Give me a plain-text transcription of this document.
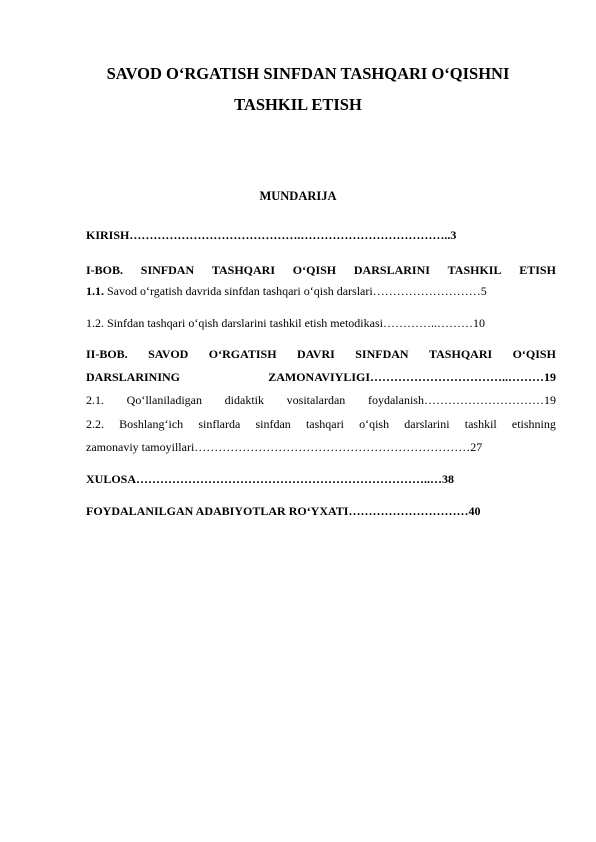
SAVOD O‘RGATISH SINFDAN TASHQARI O‘QISHNI
TASHKIL ETISH
MUNDARIJA
KIRISH…………………………………….………………………………..3
I-BOB. SINFDAN TASHQARI O‘QISH DARSLARINI TASHKIL ETISH
1.1. Savod o‘rgatish davrida sinfdan tashqari o‘qish darslari………………………5
1.2. Sinfdan tashqari o‘qish darslarini tashkil etish metodikasi…………..………10
II-BOB. SAVOD O‘RGATISH DAVRI SINFDAN TASHQARI O‘QISH
DARSLARINING	ZAMONAVIYLIGI……………………………..………19
2.1. Qo‘llaniladigan didaktik vositalardan foydalanish…………………………19
2.2. Boshlang‘ich sinflarda sinfdan tashqari o‘qish darslarini tashkil etishning
zamonaviy tamoyillari……………………………………………………………27
XULOSA………………………………………………………………..…38
FOYDALANILGAN ADABIYOTLAR RO‘YXATI…………………………40
